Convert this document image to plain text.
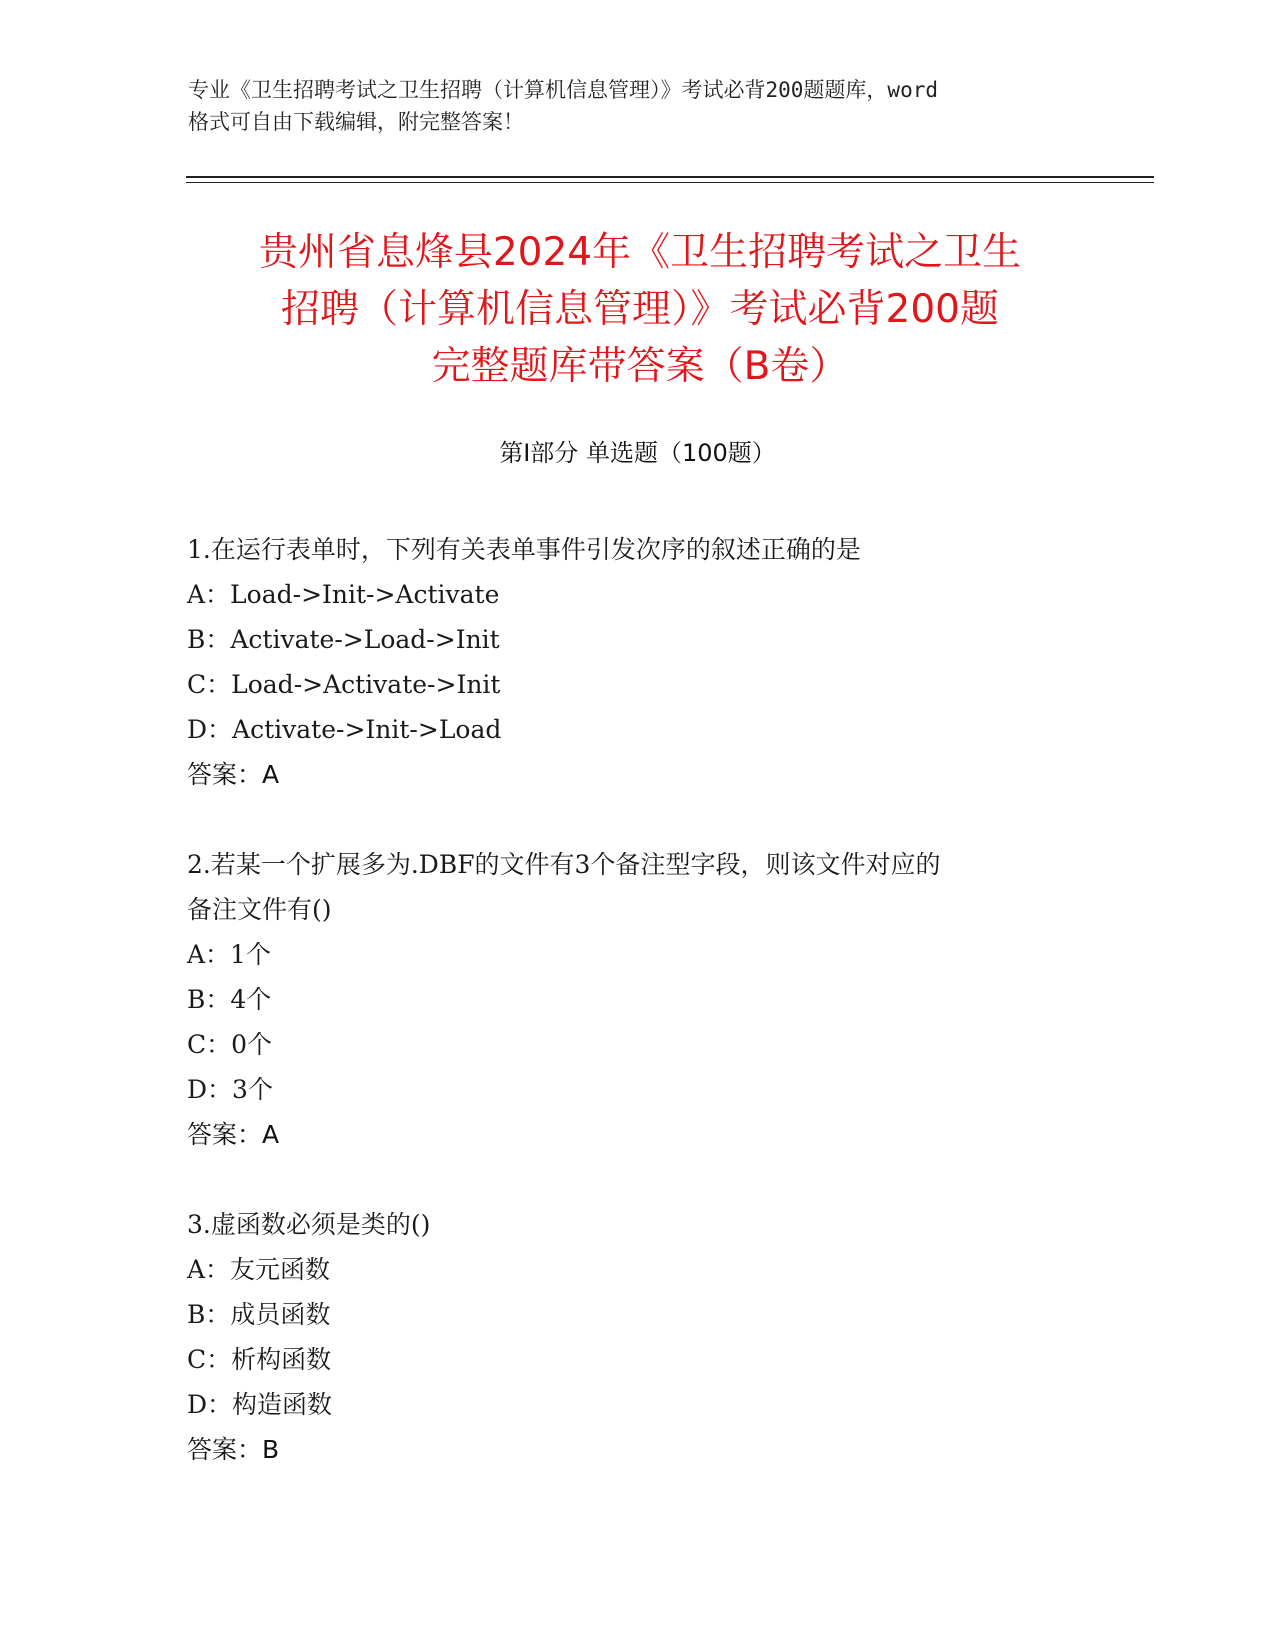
专业《卫生招聘考试之卫生招聘（计算机信息管理）》考试必背200题题库，word
格式可自由下载编辑，附完整答案！
贵州省息烽县2024年《卫生招聘考试之卫生
招聘（计算机信息管理）》考试必背200题
完整题库带答案（B卷）
第Ⅰ部分 单选题（100题）
1.在运行表单时，下列有关表单事件引发次序的叙述正确的是
A：Load->Init->Activate
B：Activate->Load->Init
C：Load->Activate->Init
D：Activate->Init->Load
答案：A
2.若某一个扩展多为.DBF的文件有3个备注型字段，则该文件对应的
备注文件有()
A：1个
B：4个
C：0个
D：3个
答案：A
3.虚函数必须是类的()
A：友元函数
B：成员函数
C：析构函数
D：构造函数
答案：B
